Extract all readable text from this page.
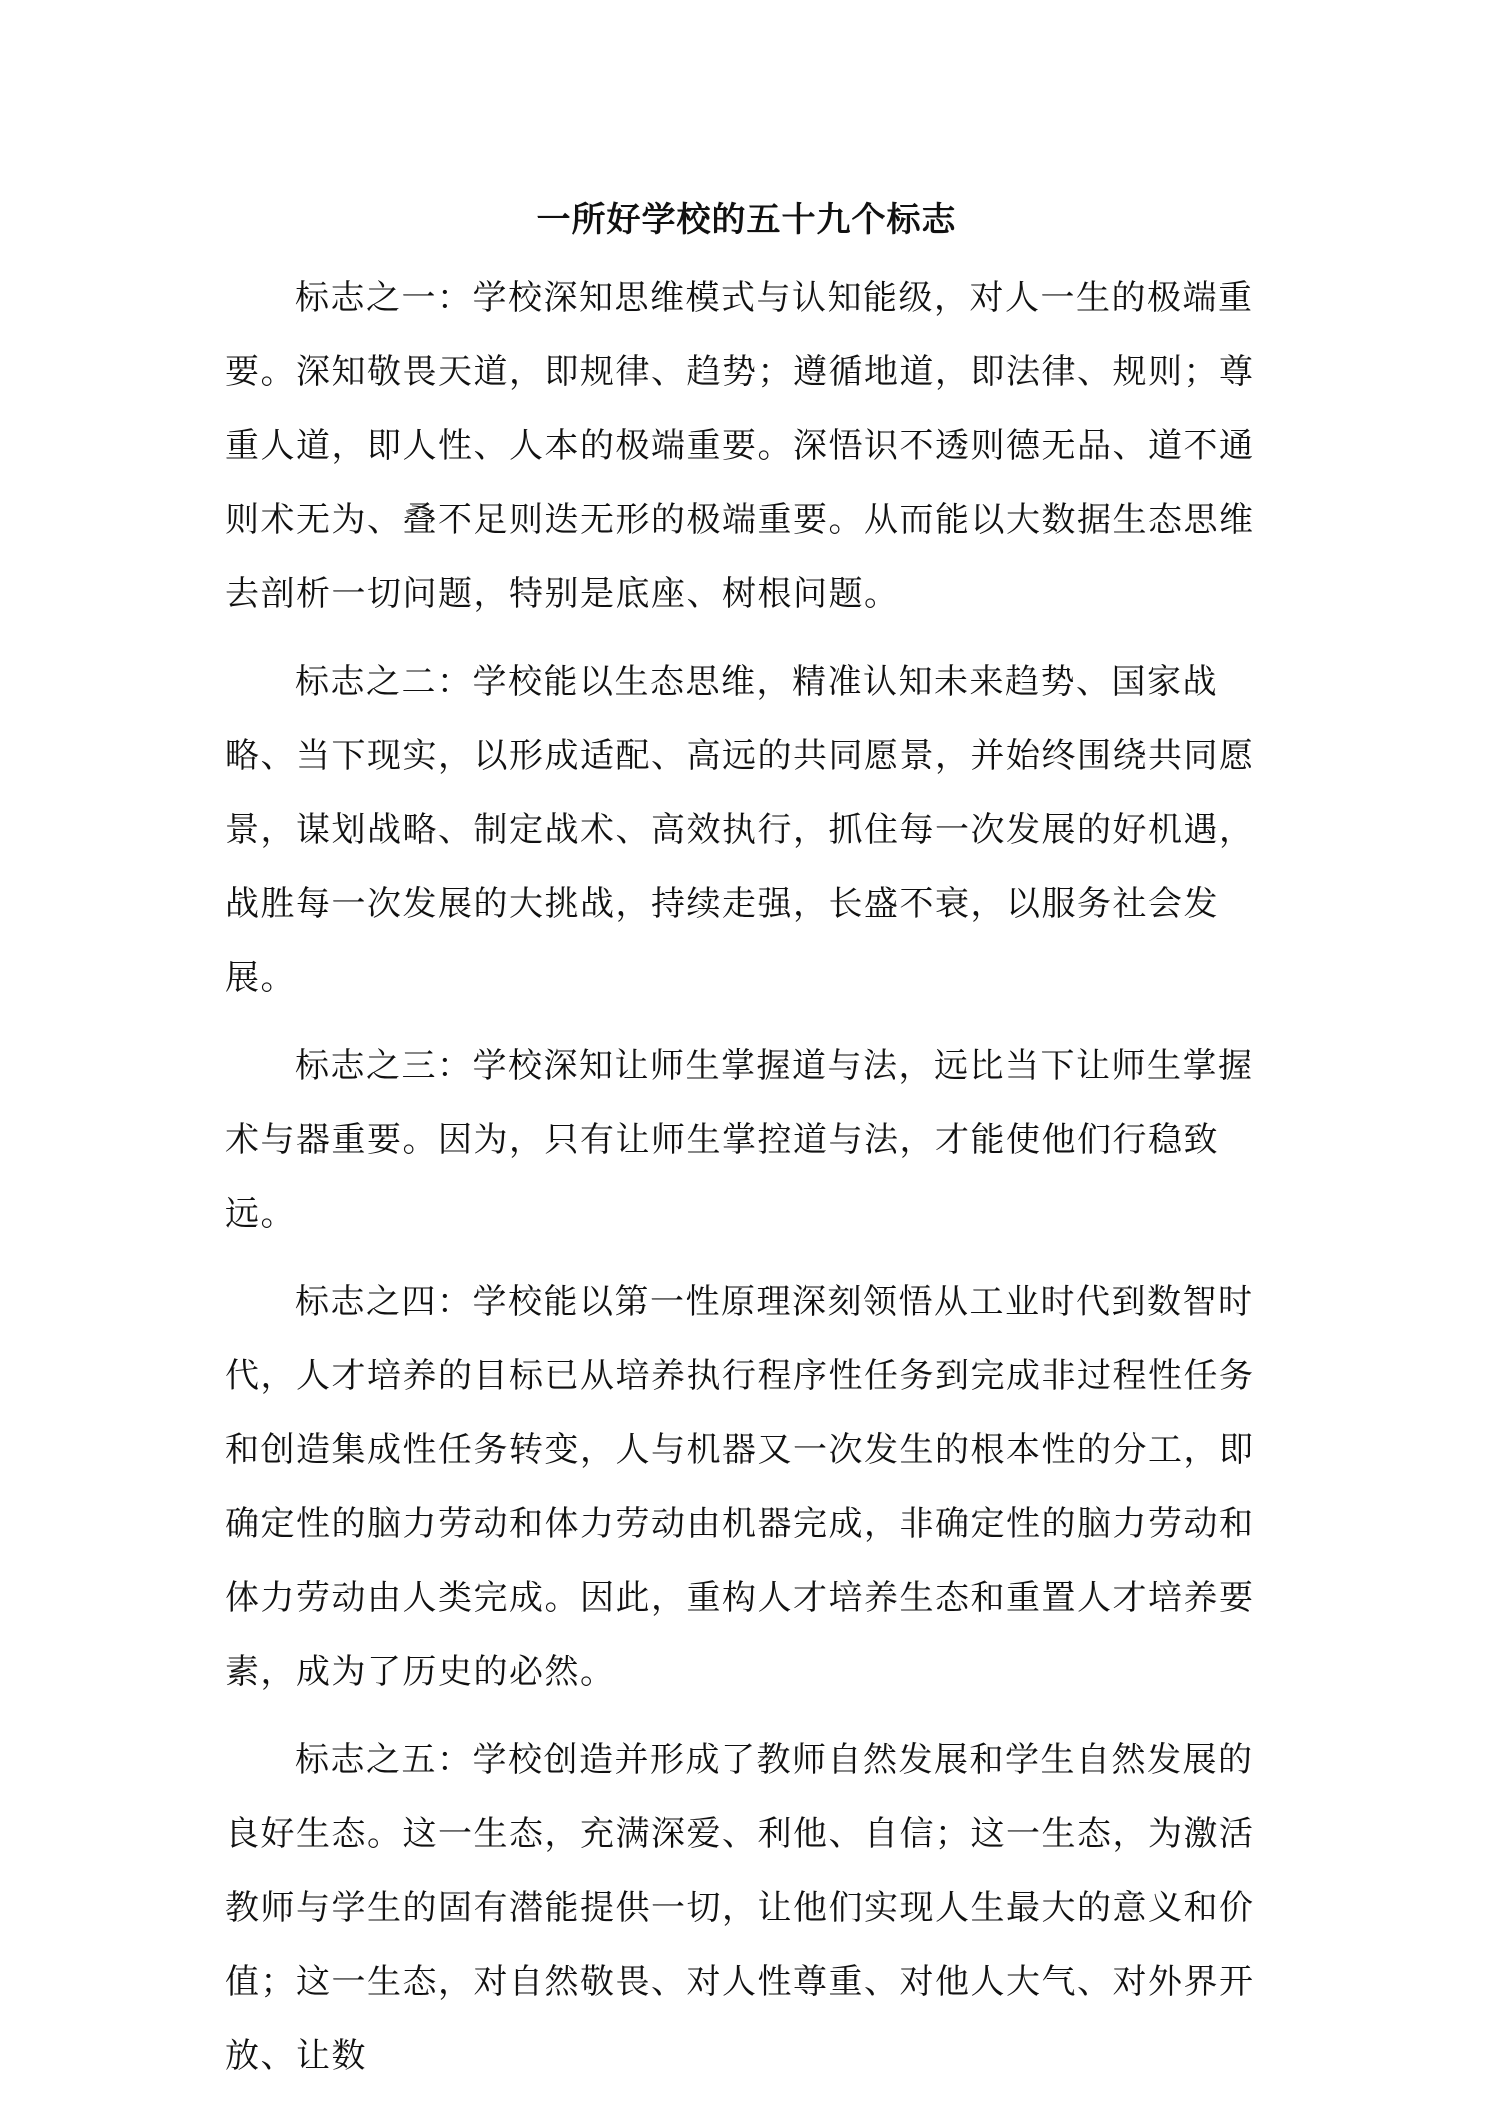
一所好学校的五十九个标志

标志之一：学校深知思维模式与认知能级，对人一生的极端重要。深知敬畏天道，即规律、趋势；遵循地道，即法律、规则；尊重人道，即人性、人本的极端重要。深悟识不透则德无品、道不通则术无为、叠不足则迭无形的极端重要。从而能以大数据生态思维去剖析一切问题，特别是底座、树根问题。

标志之二：学校能以生态思维，精准认知未来趋势、国家战略、当下现实，以形成适配、高远的共同愿景，并始终围绕共同愿景，谋划战略、制定战术、高效执行，抓住每一次发展的好机遇，战胜每一次发展的大挑战，持续走强，长盛不衰，以服务社会发展。

标志之三：学校深知让师生掌握道与法，远比当下让师生掌握术与器重要。因为，只有让师生掌控道与法，才能使他们行稳致远。

标志之四：学校能以第一性原理深刻领悟从工业时代到数智时代，人才培养的目标已从培养执行程序性任务到完成非过程性任务和创造集成性任务转变，人与机器又一次发生的根本性的分工，即确定性的脑力劳动和体力劳动由机器完成，非确定性的脑力劳动和体力劳动由人类完成。因此，重构人才培养生态和重置人才培养要素，成为了历史的必然。

标志之五：学校创造并形成了教师自然发展和学生自然发展的良好生态。这一生态，充满深爱、利他、自信；这一生态，为激活教师与学生的固有潜能提供一切，让他们实现人生最大的意义和价值；这一生态，对自然敬畏、对人性尊重、对他人大气、对外界开放、让数
